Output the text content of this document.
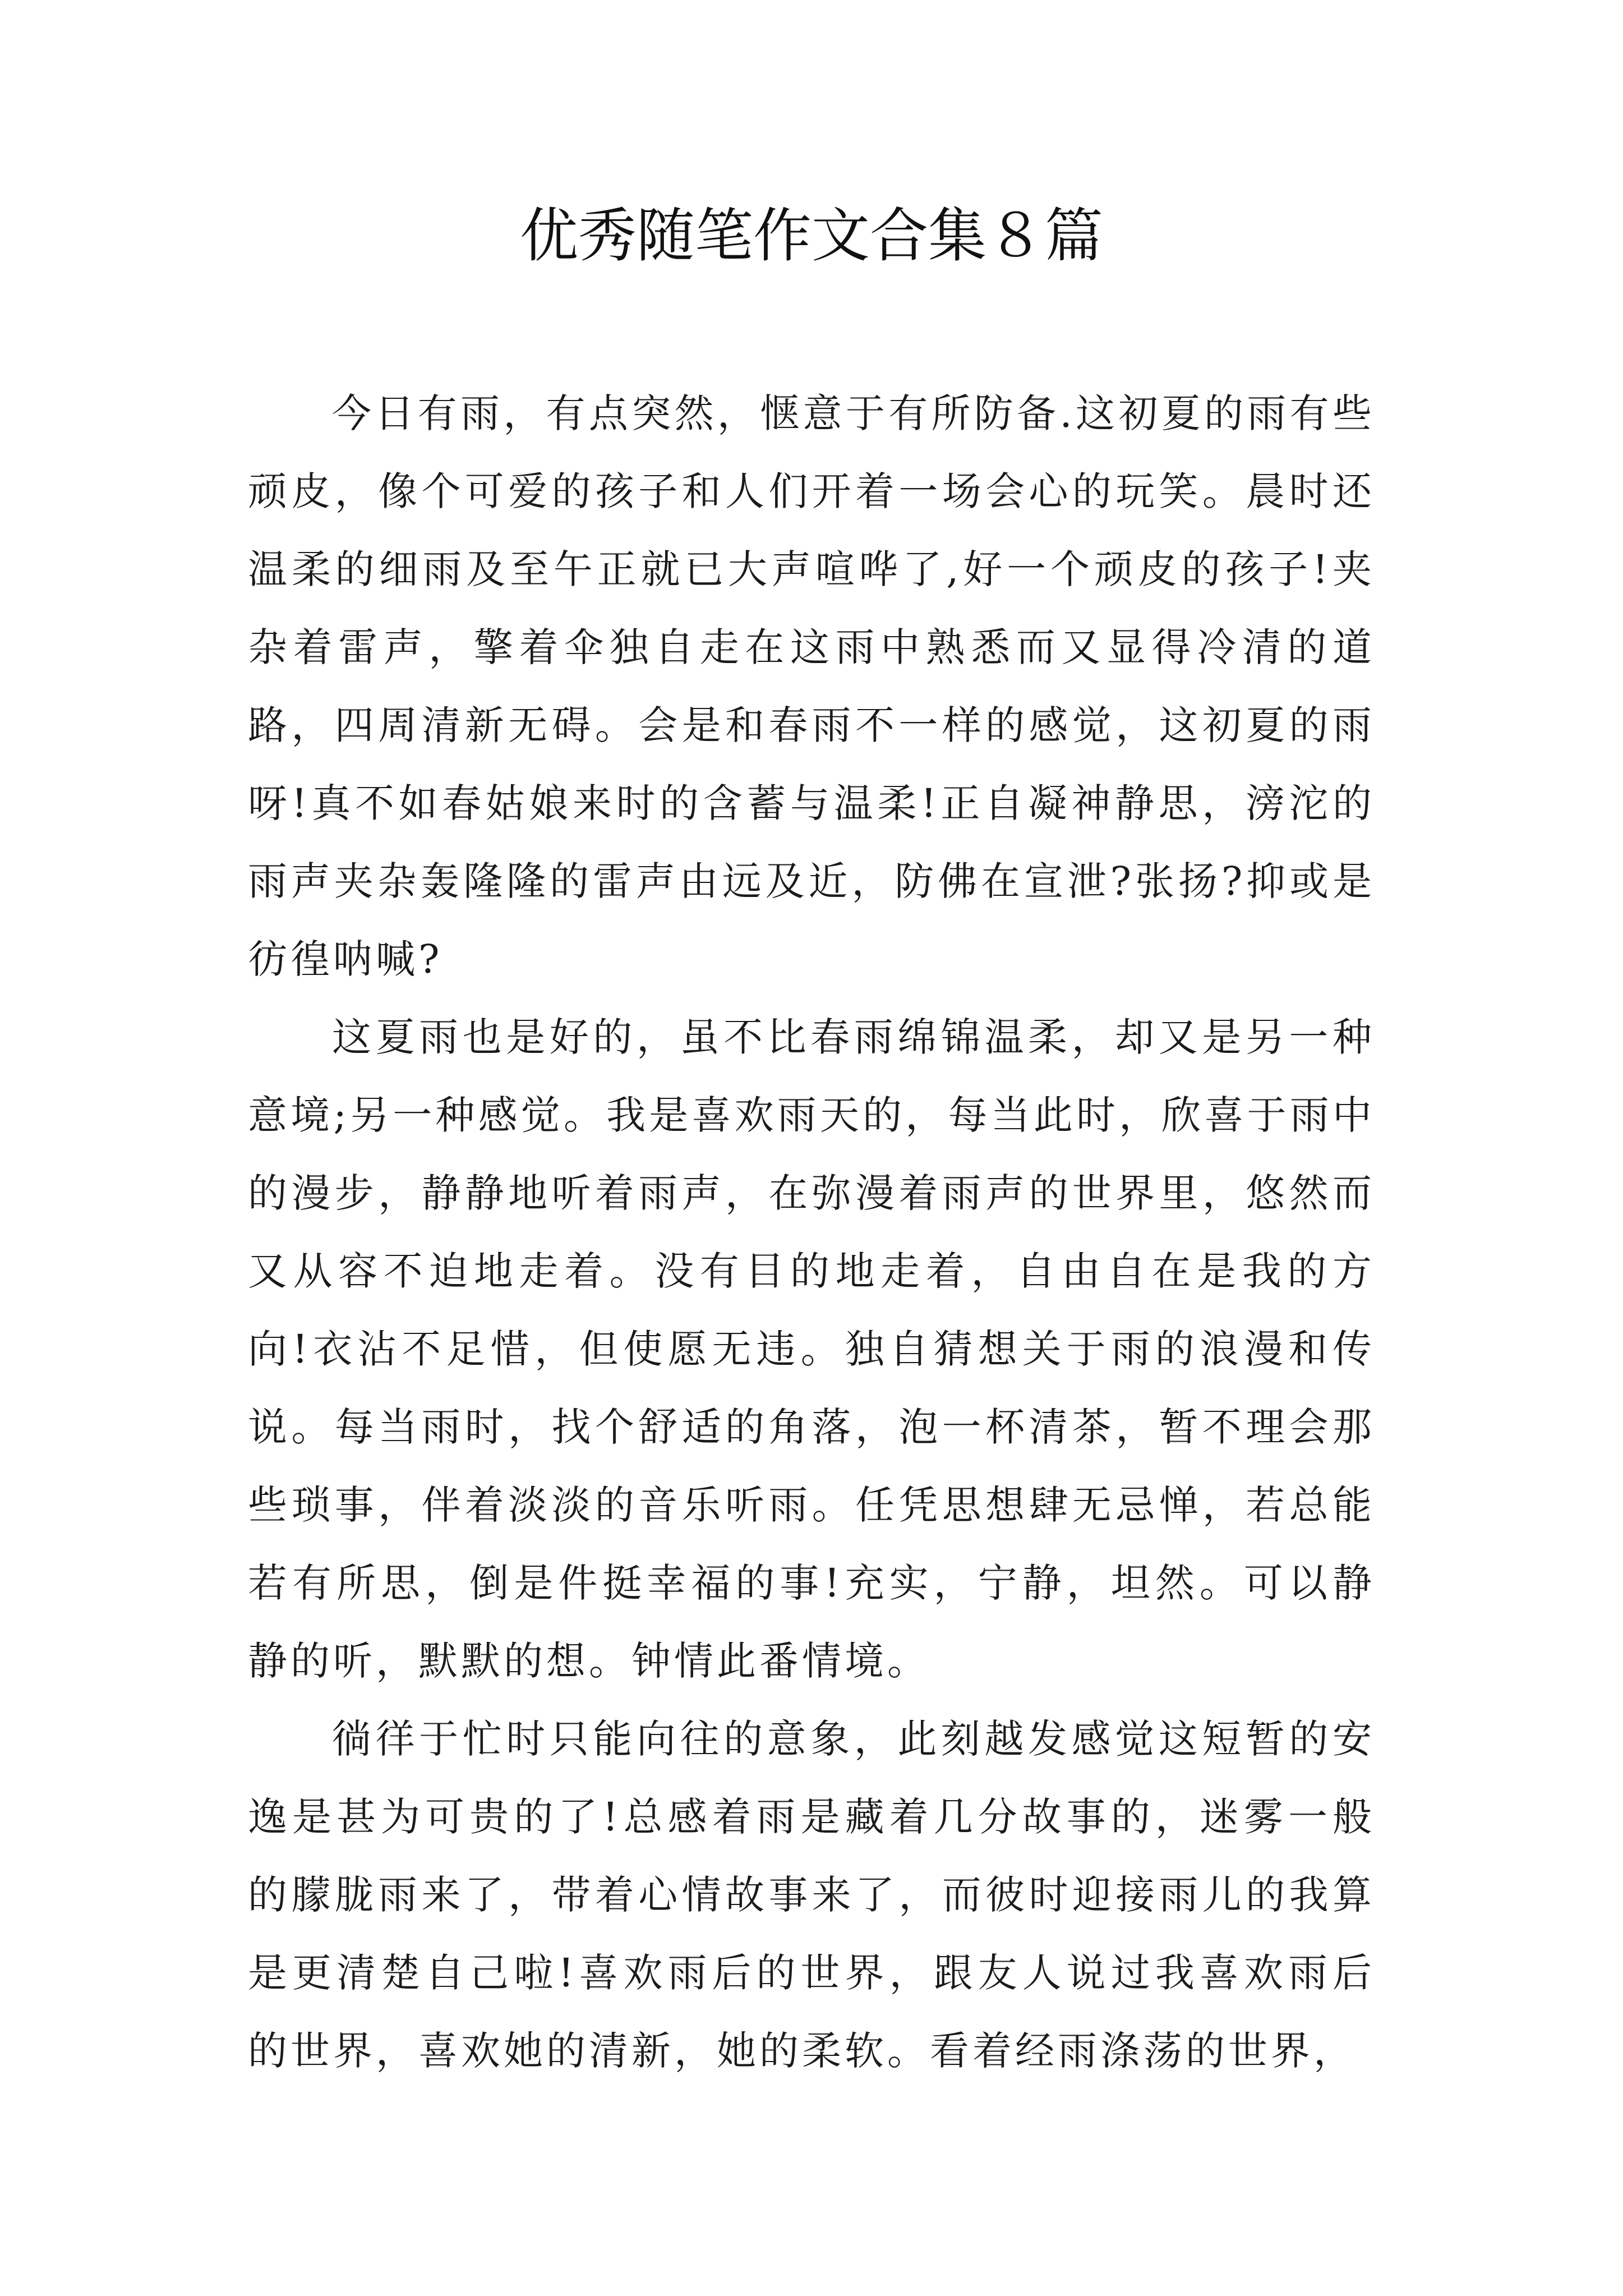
优秀随笔作文合集８篇

今日有雨，有点突然，惬意于有所防备.这初夏的雨有些顽皮，像个可爱的孩子和人们开着一场会心的玩笑。晨时还温柔的细雨及至午正就已大声喧哗了,好一个顽皮的孩子!夹杂着雷声，擎着伞独自走在这雨中熟悉而又显得冷清的道路，四周清新无碍。会是和春雨不一样的感觉，这初夏的雨呀!真不如春姑娘来时的含蓄与温柔!正自凝神静思，滂沱的雨声夹杂轰隆隆的雷声由远及近，防佛在宣泄?张扬?抑或是彷徨呐喊?

这夏雨也是好的，虽不比春雨绵锦温柔，却又是另一种意境;另一种感觉。我是喜欢雨天的，每当此时，欣喜于雨中的漫步，静静地听着雨声，在弥漫着雨声的世界里，悠然而又从容不迫地走着。没有目的地走着，自由自在是我的方向!衣沾不足惜，但使愿无违。独自猜想关于雨的浪漫和传说。每当雨时，找个舒适的角落，泡一杯清茶，暂不理会那些琐事，伴着淡淡的音乐听雨。任凭思想肆无忌惮，若总能若有所思，倒是件挺幸福的事!充实，宁静，坦然。可以静静的听，默默的想。钟情此番情境。

徜徉于忙时只能向往的意象，此刻越发感觉这短暂的安逸是甚为可贵的了!总感着雨是藏着几分故事的，迷雾一般的朦胧雨来了，带着心情故事来了，而彼时迎接雨儿的我算是更清楚自己啦!喜欢雨后的世界，跟友人说过我喜欢雨后的世界，喜欢她的清新，她的柔软。看着经雨涤荡的世界，
